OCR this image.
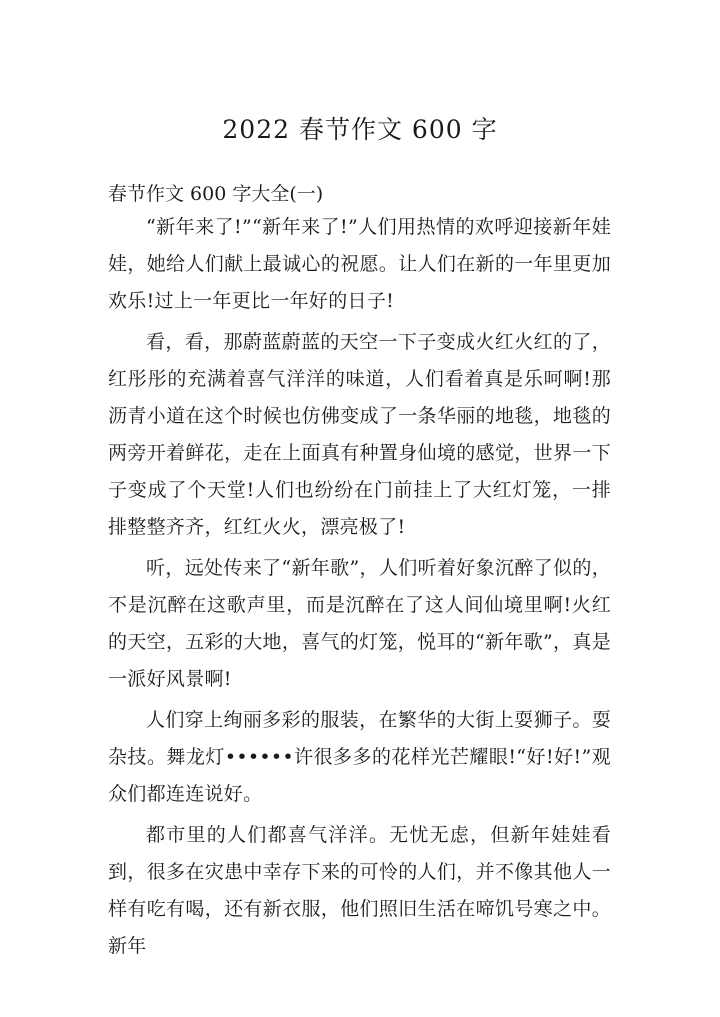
2022 春节作文 600 字
春节作文 600 字大全(一)

“新年来了!”“新年来了!”人们用热情的欢呼迎接新年娃娃，她给人们献上最诚心的祝愿。让人们在新的一年里更加欢乐!过上一年更比一年好的日子!

看，看，那蔚蓝蔚蓝的天空一下子变成火红火红的了，红彤彤的充满着喜气洋洋的味道，人们看着真是乐呵啊!那沥青小道在这个时候也仿佛变成了一条华丽的地毯，地毯的两旁开着鲜花，走在上面真有种置身仙境的感觉，世界一下子变成了个天堂!人们也纷纷在门前挂上了大红灯笼，一排排整整齐齐，红红火火，漂亮极了!

听，远处传来了“新年歌”，人们听着好象沉醉了似的，不是沉醉在这歌声里，而是沉醉在了这人间仙境里啊!火红的天空，五彩的大地，喜气的灯笼，悦耳的“新年歌”，真是一派好风景啊!

人们穿上绚丽多彩的服装，在繁华的大街上耍狮子。耍杂技。舞龙灯••••••许很多多的花样光芒耀眼!“好!好!”观众们都连连说好。

都市里的人们都喜气洋洋。无忧无虑，但新年娃娃看到，很多在灾患中幸存下来的可怜的人们，并不像其他人一样有吃有喝，还有新衣服，他们照旧生活在啼饥号寒之中。新年
